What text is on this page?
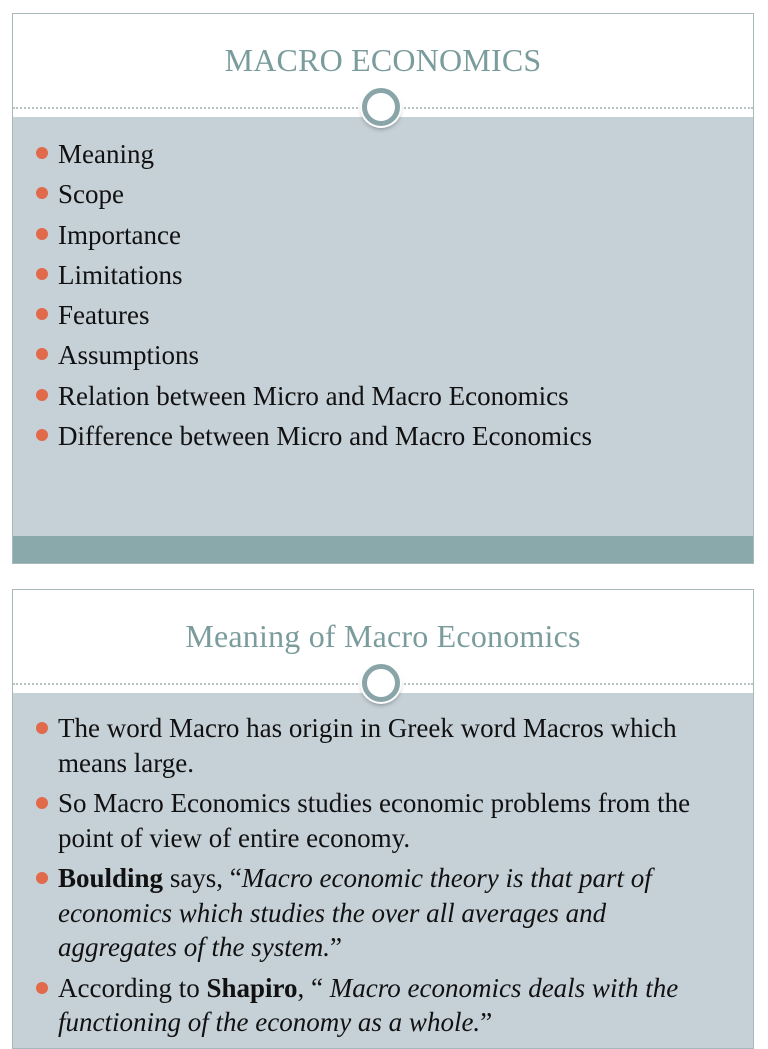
MACRO ECONOMICS
Meaning
Scope
Importance
Limitations
Features
Assumptions
Relation between Micro and Macro Economics
Difference between Micro and Macro Economics
Meaning of Macro Economics
The word Macro has origin in Greek word Macros which means large.
So Macro Economics studies economic problems from the point of view of entire economy.
Boulding says, “Macro economic theory is that part of economics which studies the over all averages and aggregates of the system.”
According to Shapiro, “ Macro economics deals with the functioning of the economy as a whole.”
